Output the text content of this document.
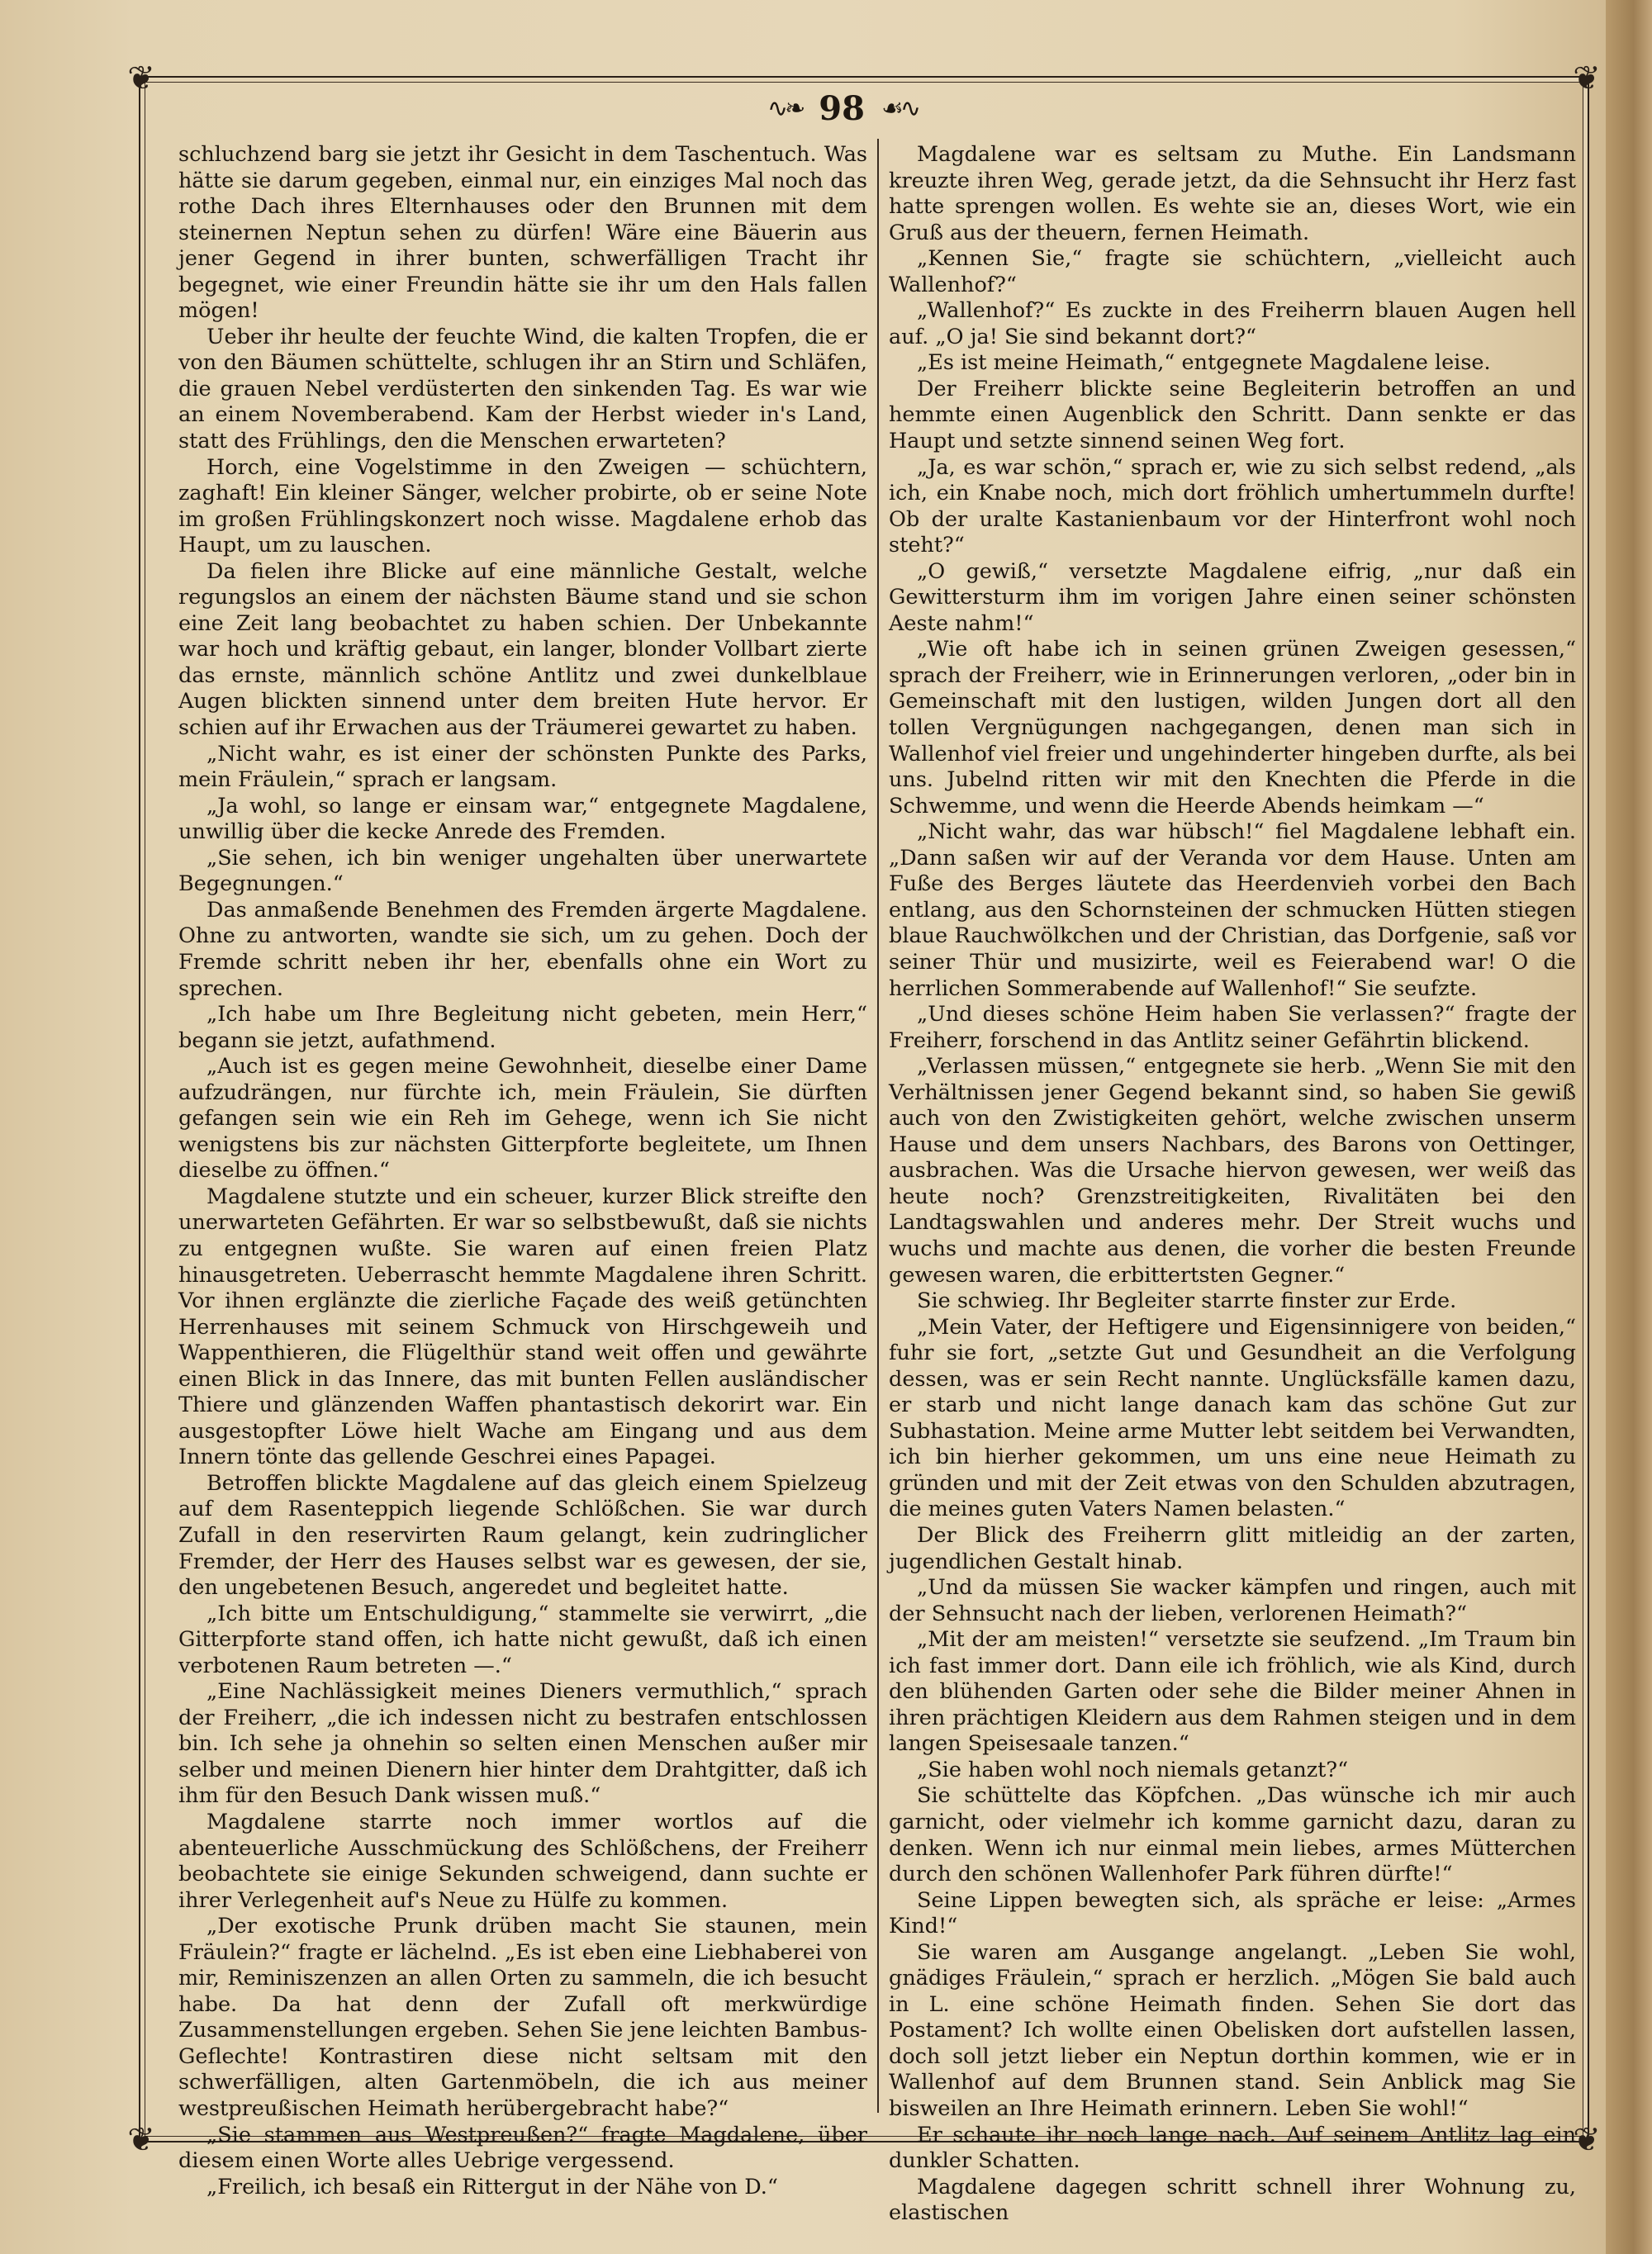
❦	❦
❦	❦
∿❧ 98 ☙∿

schluchzend barg sie jetzt ihr Gesicht in dem Taschentuch. Was hätte sie darum gegeben, einmal nur, ein einziges Mal noch das rothe Dach ihres Elternhauses oder den Brunnen mit dem steinernen Neptun sehen zu dürfen! Wäre eine Bäuerin aus jener Gegend in ihrer bunten, schwerfälligen Tracht ihr begegnet, wie einer Freundin hätte sie ihr um den Hals fallen mögen!

Ueber ihr heulte der feuchte Wind, die kalten Tropfen, die er von den Bäumen schüttelte, schlugen ihr an Stirn und Schläfen, die grauen Nebel verdüsterten den sinkenden Tag. Es war wie an einem Novemberabend. Kam der Herbst wieder in's Land, statt des Frühlings, den die Menschen erwarteten?

Horch, eine Vogelstimme in den Zweigen — schüchtern, zaghaft! Ein kleiner Sänger, welcher probirte, ob er seine Note im großen Frühlingskonzert noch wisse. Magdalene erhob das Haupt, um zu lauschen.

Da fielen ihre Blicke auf eine männliche Gestalt, welche regungslos an einem der nächsten Bäume stand und sie schon eine Zeit lang beobachtet zu haben schien. Der Unbekannte war hoch und kräftig gebaut, ein langer, blonder Vollbart zierte das ernste, männlich schöne Antlitz und zwei dunkelblaue Augen blickten sinnend unter dem breiten Hute hervor. Er schien auf ihr Erwachen aus der Träumerei gewartet zu haben.

„Nicht wahr, es ist einer der schönsten Punkte des Parks, mein Fräulein,“ sprach er langsam.

„Ja wohl, so lange er einsam war,“ entgegnete Magdalene, unwillig über die kecke Anrede des Fremden.

„Sie sehen, ich bin weniger ungehalten über unerwartete Begegnungen.“

Das anmaßende Benehmen des Fremden ärgerte Magdalene. Ohne zu antworten, wandte sie sich, um zu gehen. Doch der Fremde schritt neben ihr her, ebenfalls ohne ein Wort zu sprechen.

„Ich habe um Ihre Begleitung nicht gebeten, mein Herr,“ begann sie jetzt, aufathmend.

„Auch ist es gegen meine Gewohnheit, dieselbe einer Dame aufzudrängen, nur fürchte ich, mein Fräulein, Sie dürften gefangen sein wie ein Reh im Gehege, wenn ich Sie nicht wenigstens bis zur nächsten Gitterpforte begleitete, um Ihnen dieselbe zu öffnen.“

Magdalene stutzte und ein scheuer, kurzer Blick streifte den unerwarteten Gefährten. Er war so selbstbewußt, daß sie nichts zu entgegnen wußte. Sie waren auf einen freien Platz hinausgetreten. Ueberrascht hemmte Magdalene ihren Schritt. Vor ihnen erglänzte die zierliche Façade des weiß getünchten Herrenhauses mit seinem Schmuck von Hirschgeweih und Wappenthieren, die Flügelthür stand weit offen und gewährte einen Blick in das Innere, das mit bunten Fellen ausländischer Thiere und glänzenden Waffen phantastisch dekorirt war. Ein ausgestopfter Löwe hielt Wache am Eingang und aus dem Innern tönte das gellende Geschrei eines Papagei.

Betroffen blickte Magdalene auf das gleich einem Spielzeug auf dem Rasenteppich liegende Schlößchen. Sie war durch Zufall in den reservirten Raum gelangt, kein zudringlicher Fremder, der Herr des Hauses selbst war es gewesen, der sie, den ungebetenen Besuch, angeredet und begleitet hatte.

„Ich bitte um Entschuldigung,“ stammelte sie verwirrt, „die Gitterpforte stand offen, ich hatte nicht gewußt, daß ich einen verbotenen Raum betreten —.“

„Eine Nachlässigkeit meines Dieners vermuthlich,“ sprach der Freiherr, „die ich indessen nicht zu bestrafen entschlossen bin. Ich sehe ja ohnehin so selten einen Menschen außer mir selber und meinen Dienern hier hinter dem Drahtgitter, daß ich ihm für den Besuch Dank wissen muß.“

Magdalene starrte noch immer wortlos auf die abenteuerliche Ausschmückung des Schlößchens, der Freiherr beobachtete sie einige Sekunden schweigend, dann suchte er ihrer Verlegenheit auf's Neue zu Hülfe zu kommen.

„Der exotische Prunk drüben macht Sie staunen, mein Fräulein?“ fragte er lächelnd. „Es ist eben eine Liebhaberei von mir, Reminiszenzen an allen Orten zu sammeln, die ich besucht habe. Da hat denn der Zufall oft merkwürdige Zusammenstellungen ergeben. Sehen Sie jene leichten Bambus-Geflechte! Kontrastiren diese nicht seltsam mit den schwerfälligen, alten Gartenmöbeln, die ich aus meiner westpreußischen Heimath herübergebracht habe?“

„Sie stammen aus Westpreußen?“ fragte Magdalene, über diesem einen Worte alles Uebrige vergessend.

„Freilich, ich besaß ein Rittergut in der Nähe von D.“

Magdalene war es seltsam zu Muthe. Ein Landsmann kreuzte ihren Weg, gerade jetzt, da die Sehnsucht ihr Herz fast hatte sprengen wollen. Es wehte sie an, dieses Wort, wie ein Gruß aus der theuern, fernen Heimath.

„Kennen Sie,“ fragte sie schüchtern, „vielleicht auch Wallenhof?“

„Wallenhof?“ Es zuckte in des Freiherrn blauen Augen hell auf. „O ja! Sie sind bekannt dort?“

„Es ist meine Heimath,“ entgegnete Magdalene leise.

Der Freiherr blickte seine Begleiterin betroffen an und hemmte einen Augenblick den Schritt. Dann senkte er das Haupt und setzte sinnend seinen Weg fort.

„Ja, es war schön,“ sprach er, wie zu sich selbst redend, „als ich, ein Knabe noch, mich dort fröhlich umhertummeln durfte! Ob der uralte Kastanienbaum vor der Hinterfront wohl noch steht?“

„O gewiß,“ versetzte Magdalene eifrig, „nur daß ein Gewittersturm ihm im vorigen Jahre einen seiner schönsten Aeste nahm!“

„Wie oft habe ich in seinen grünen Zweigen gesessen,“ sprach der Freiherr, wie in Erinnerungen verloren, „oder bin in Gemeinschaft mit den lustigen, wilden Jungen dort all den tollen Vergnügungen nachgegangen, denen man sich in Wallenhof viel freier und ungehinderter hingeben durfte, als bei uns. Jubelnd ritten wir mit den Knechten die Pferde in die Schwemme, und wenn die Heerde Abends heimkam —“

„Nicht wahr, das war hübsch!“ fiel Magdalene lebhaft ein. „Dann saßen wir auf der Veranda vor dem Hause. Unten am Fuße des Berges läutete das Heerdenvieh vorbei den Bach entlang, aus den Schornsteinen der schmucken Hütten stiegen blaue Rauchwölkchen und der Christian, das Dorfgenie, saß vor seiner Thür und musizirte, weil es Feierabend war! O die herrlichen Sommerabende auf Wallenhof!“ Sie seufzte.

„Und dieses schöne Heim haben Sie verlassen?“ fragte der Freiherr, forschend in das Antlitz seiner Gefährtin blickend.

„Verlassen müssen,“ entgegnete sie herb. „Wenn Sie mit den Verhältnissen jener Gegend bekannt sind, so haben Sie gewiß auch von den Zwistigkeiten gehört, welche zwischen unserm Hause und dem unsers Nachbars, des Barons von Oettinger, ausbrachen. Was die Ursache hiervon gewesen, wer weiß das heute noch? Grenzstreitigkeiten, Rivalitäten bei den Landtagswahlen und anderes mehr. Der Streit wuchs und wuchs und machte aus denen, die vorher die besten Freunde gewesen waren, die erbittertsten Gegner.“

Sie schwieg. Ihr Begleiter starrte finster zur Erde.

„Mein Vater, der Heftigere und Eigensinnigere von beiden,“ fuhr sie fort, „setzte Gut und Gesundheit an die Verfolgung dessen, was er sein Recht nannte. Unglücksfälle kamen dazu, er starb und nicht lange danach kam das schöne Gut zur Subhastation. Meine arme Mutter lebt seitdem bei Verwandten, ich bin hierher gekommen, um uns eine neue Heimath zu gründen und mit der Zeit etwas von den Schulden abzutragen, die meines guten Vaters Namen belasten.“

Der Blick des Freiherrn glitt mitleidig an der zarten, jugendlichen Gestalt hinab.

„Und da müssen Sie wacker kämpfen und ringen, auch mit der Sehnsucht nach der lieben, verlorenen Heimath?“

„Mit der am meisten!“ versetzte sie seufzend. „Im Traum bin ich fast immer dort. Dann eile ich fröhlich, wie als Kind, durch den blühenden Garten oder sehe die Bilder meiner Ahnen in ihren prächtigen Kleidern aus dem Rahmen steigen und in dem langen Speisesaale tanzen.“

„Sie haben wohl noch niemals getanzt?“

Sie schüttelte das Köpfchen. „Das wünsche ich mir auch garnicht, oder vielmehr ich komme garnicht dazu, daran zu denken. Wenn ich nur einmal mein liebes, armes Mütterchen durch den schönen Wallenhofer Park führen dürfte!“

Seine Lippen bewegten sich, als spräche er leise: „Armes Kind!“

Sie waren am Ausgange angelangt. „Leben Sie wohl, gnädiges Fräulein,“ sprach er herzlich. „Mögen Sie bald auch in L. eine schöne Heimath finden. Sehen Sie dort das Postament? Ich wollte einen Obelisken dort aufstellen lassen, doch soll jetzt lieber ein Neptun dorthin kommen, wie er in Wallenhof auf dem Brunnen stand. Sein Anblick mag Sie bisweilen an Ihre Heimath erinnern. Leben Sie wohl!“

Er schaute ihr noch lange nach. Auf seinem Antlitz lag ein dunkler Schatten.

Magdalene dagegen schritt schnell ihrer Wohnung zu, elastischen
